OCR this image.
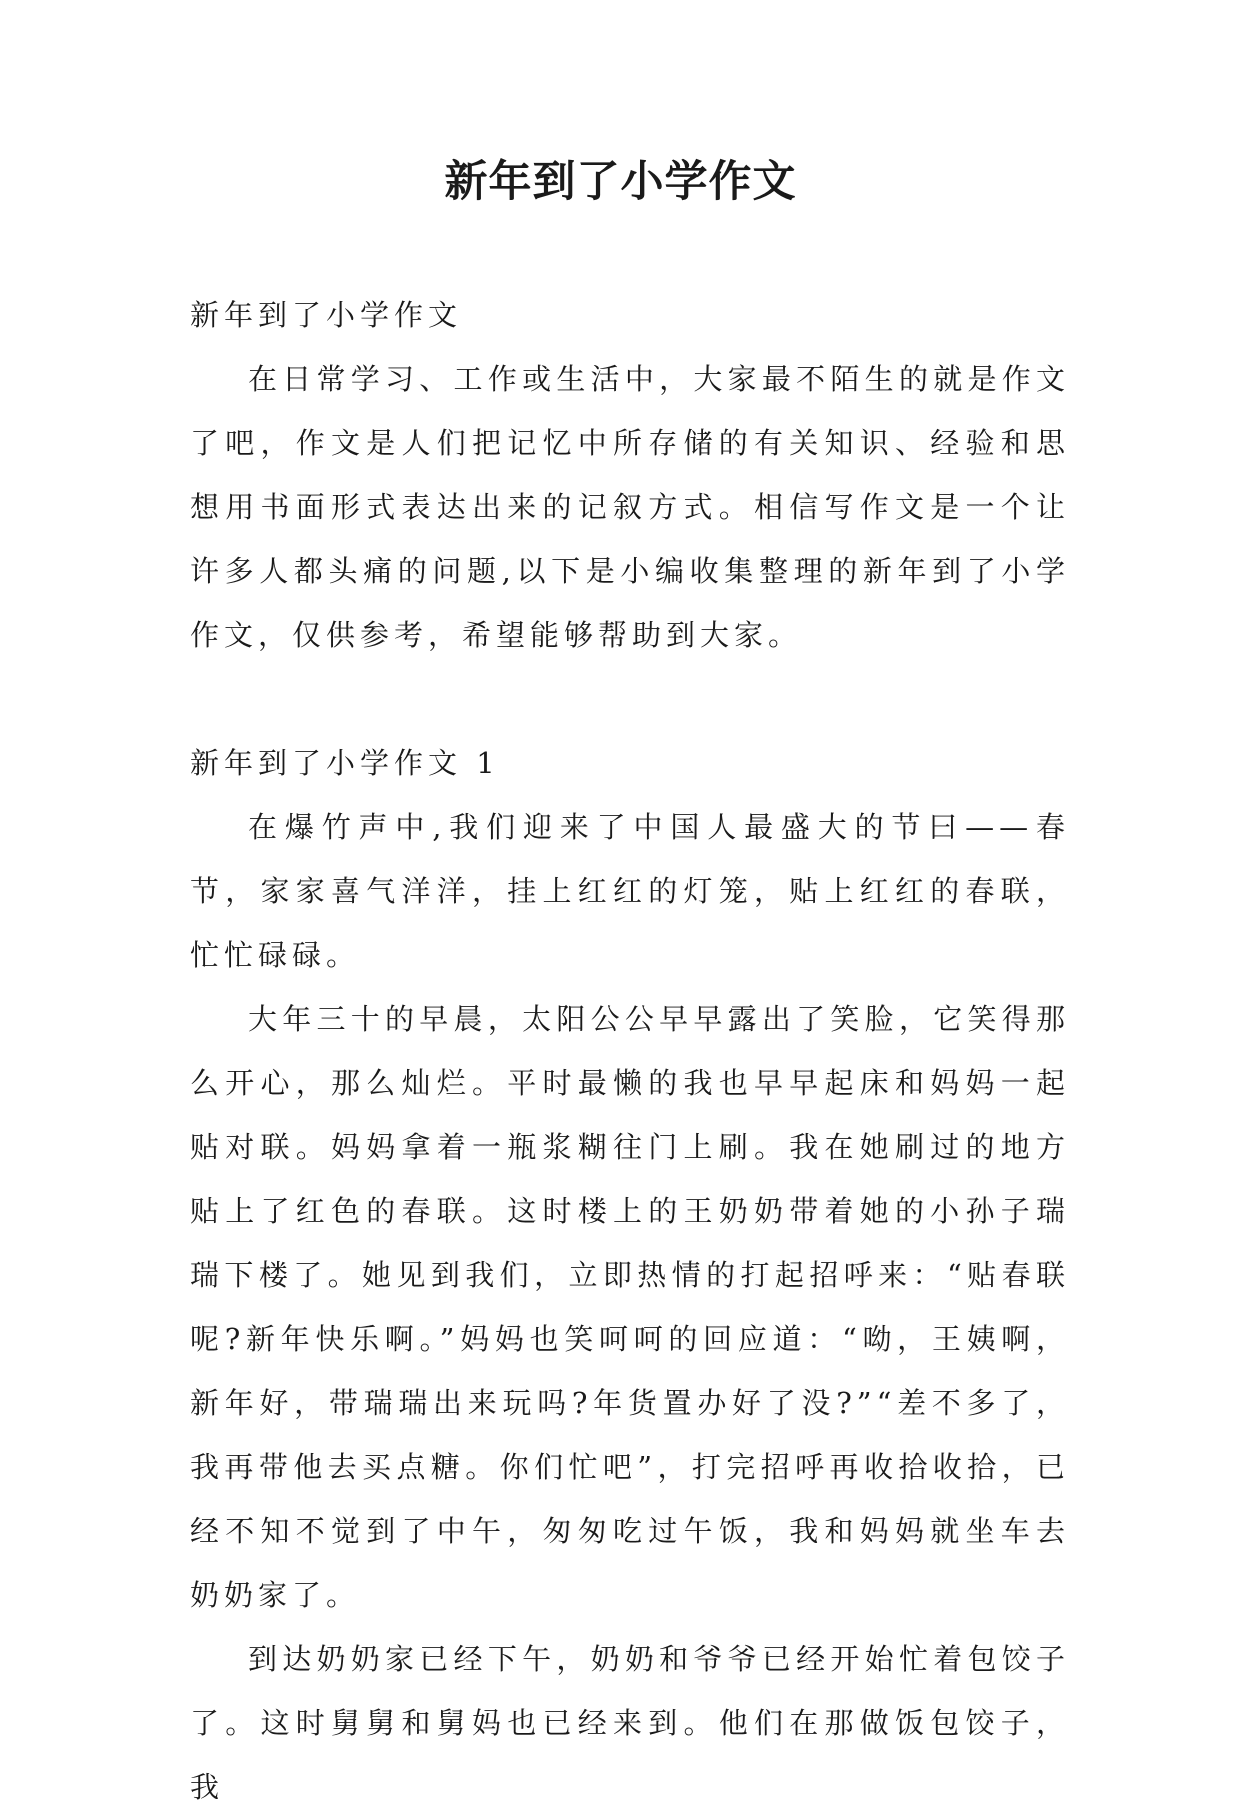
新年到了小学作文

新年到了小学作文

在日常学习、工作或生活中，大家最不陌生的就是作文了吧，作文是人们把记忆中所存储的有关知识、经验和思想用书面形式表达出来的记叙方式。相信写作文是一个让许多人都头痛的问题,以下是小编收集整理的新年到了小学作文，仅供参考，希望能够帮助到大家。

新年到了小学作文 1

在爆竹声中,我们迎来了中国人最盛大的节曰——春节，家家喜气洋洋，挂上红红的灯笼，贴上红红的春联，忙忙碌碌。

大年三十的早晨，太阳公公早早露出了笑脸，它笑得那么开心，那么灿烂。平时最懒的我也早早起床和妈妈一起贴对联。妈妈拿着一瓶浆糊往门上刷。我在她刷过的地方贴上了红色的春联。这时楼上的王奶奶带着她的小孙子瑞瑞下楼了。她见到我们，立即热情的打起招呼来：“贴春联呢?新年快乐啊。”妈妈也笑呵呵的回应道：“呦，王姨啊，新年好，带瑞瑞出来玩吗?年货置办好了没?”“差不多了，我再带他去买点糖。你们忙吧”，打完招呼再收拾收拾，已经不知不觉到了中午，匆匆吃过午饭，我和妈妈就坐车去奶奶家了。

到达奶奶家已经下午，奶奶和爷爷已经开始忙着包饺子了。这时舅舅和舅妈也已经来到。他们在那做饭包饺子，我
